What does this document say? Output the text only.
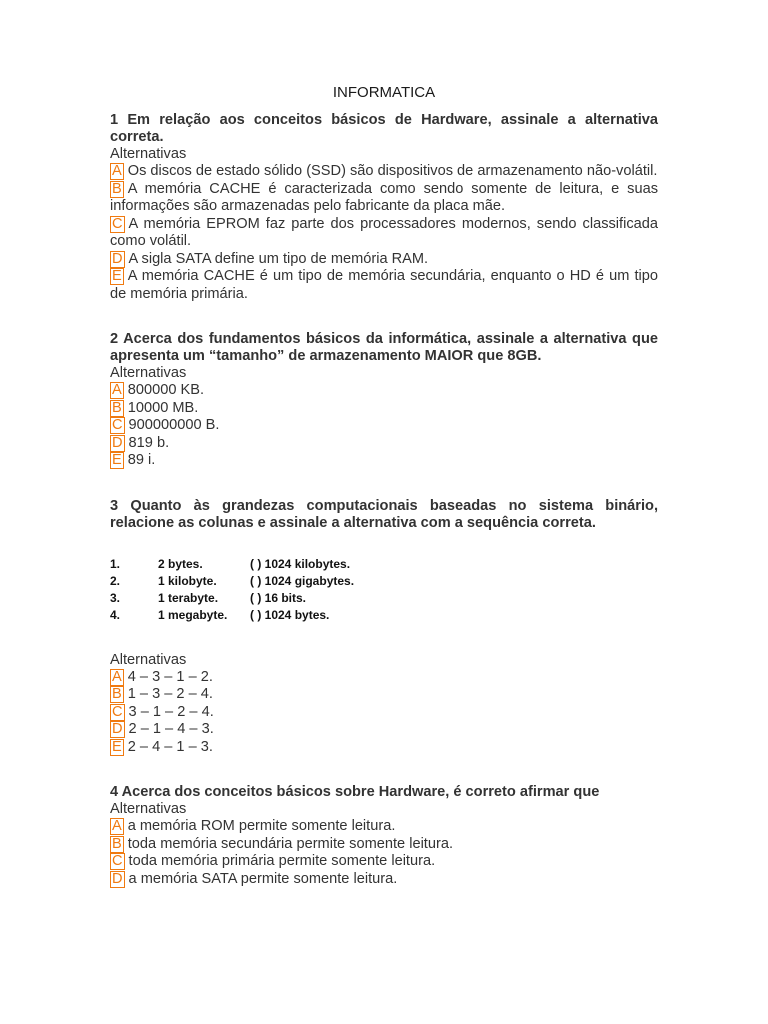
INFORMATICA
1 Em relação aos conceitos básicos de Hardware, assinale a alternativa correta.
Alternativas
A Os discos de estado sólido (SSD) são dispositivos de armazenamento não-volátil.
B A memória CACHE é caracterizada como sendo somente de leitura, e suas informações são armazenadas pelo fabricante da placa mãe.
C A memória EPROM faz parte dos processadores modernos, sendo classificada como volátil.
D A sigla SATA define um tipo de memória RAM.
E A memória CACHE é um tipo de memória secundária, enquanto o HD é um tipo de memória primária.
2 Acerca dos fundamentos básicos da informática, assinale a alternativa que apresenta um “tamanho” de armazenamento MAIOR que 8GB.
Alternativas
A 800000 KB.
B 10000 MB.
C 900000000 B.
D 819 b.
E 89 i.
3 Quanto às grandezas computacionais baseadas no sistema binário, relacione as colunas e assinale a alternativa com a sequência correta.
1.	2 bytes.	( ) 1024 kilobytes.
2.	1 kilobyte.	( ) 1024 gigabytes.
3.	1 terabyte.	( ) 16 bits.
4.	1 megabyte.	( ) 1024 bytes.
Alternativas
A 4 – 3 – 1 – 2.
B 1 – 3 – 2 – 4.
C 3 – 1 – 2 – 4.
D 2 – 1 – 4 – 3.
E 2 – 4 – 1 – 3.
4 Acerca dos conceitos básicos sobre Hardware, é correto afirmar que
Alternativas
A a memória ROM permite somente leitura.
B toda memória secundária permite somente leitura.
C toda memória primária permite somente leitura.
D a memória SATA permite somente leitura.
